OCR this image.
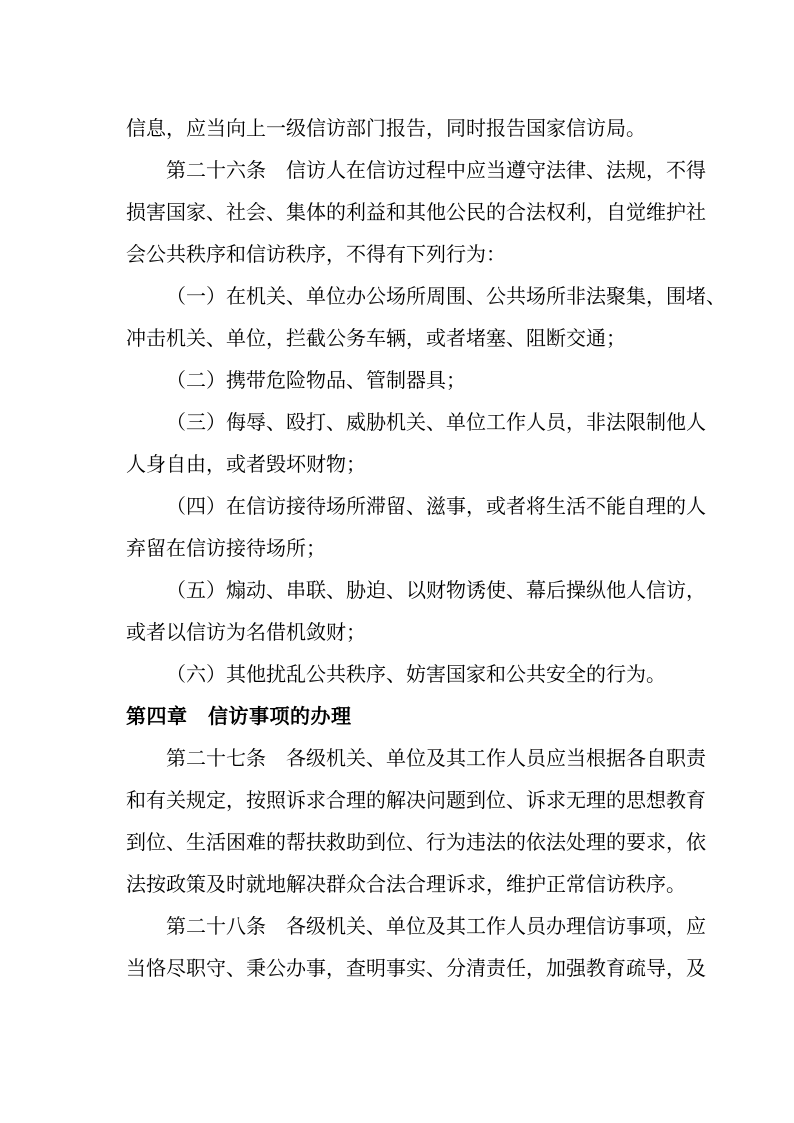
信息，应当向上一级信访部门报告，同时报告国家信访局。
第二十六条　信访人在信访过程中应当遵守法律、法规，不得
损害国家、社会、集体的利益和其他公民的合法权利，自觉维护社
会公共秩序和信访秩序，不得有下列行为：
（一）在机关、单位办公场所周围、公共场所非法聚集，围堵、
冲击机关、单位，拦截公务车辆，或者堵塞、阻断交通；
（二）携带危险物品、管制器具；
（三）侮辱、殴打、威胁机关、单位工作人员，非法限制他人
人身自由，或者毁坏财物；
（四）在信访接待场所滞留、滋事，或者将生活不能自理的人
弃留在信访接待场所；
（五）煽动、串联、胁迫、以财物诱使、幕后操纵他人信访，
或者以信访为名借机敛财；
（六）其他扰乱公共秩序、妨害国家和公共安全的行为。
第四章　信访事项的办理
第二十七条　各级机关、单位及其工作人员应当根据各自职责
和有关规定，按照诉求合理的解决问题到位、诉求无理的思想教育
到位、生活困难的帮扶救助到位、行为违法的依法处理的要求，依
法按政策及时就地解决群众合法合理诉求，维护正常信访秩序。
第二十八条　各级机关、单位及其工作人员办理信访事项，应
当恪尽职守、秉公办事，查明事实、分清责任，加强教育疏导，及
